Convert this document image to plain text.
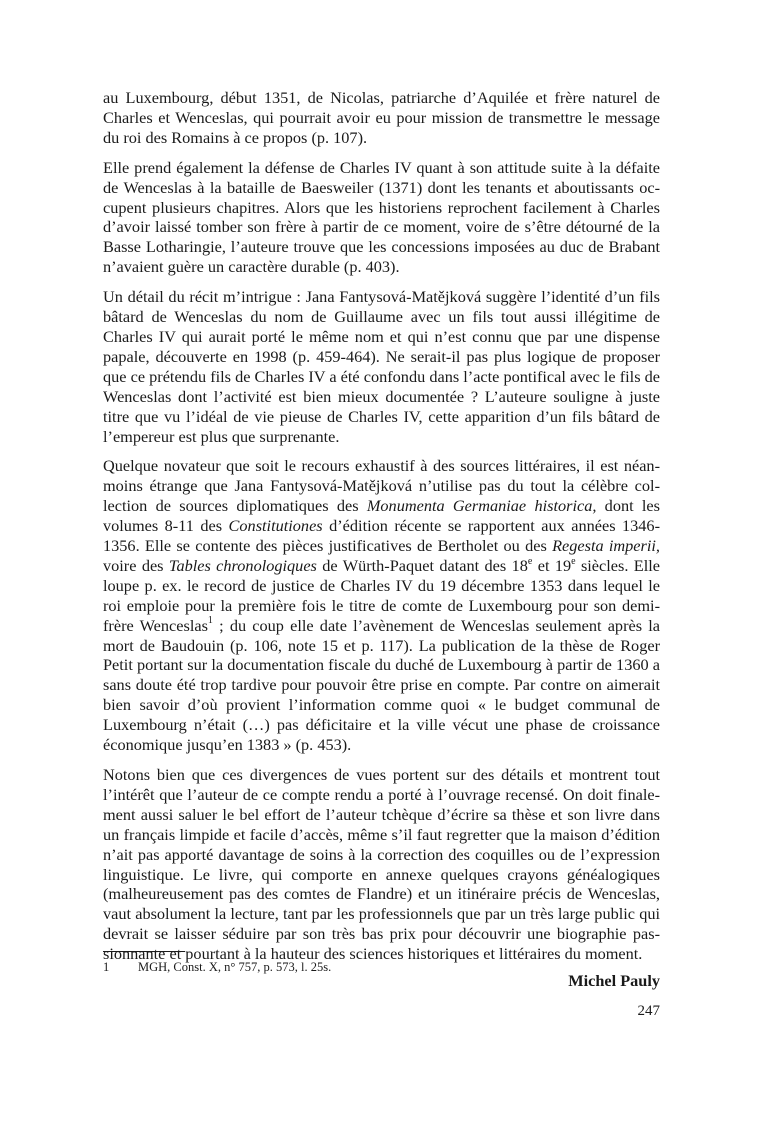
au Luxembourg, début 1351, de Nicolas, patriarche d’Aquilée et frère naturel de Charles et Wenceslas, qui pourrait avoir eu pour mission de transmettre le message du roi des Romains à ce propos (p. 107).

Elle prend également la défense de Charles IV quant à son attitude suite à la défaite de Wenceslas à la bataille de Baesweiler (1371) dont les tenants et aboutissants occupent plusieurs chapitres. Alors que les historiens reprochent facilement à Charles d’avoir laissé tomber son frère à partir de ce moment, voire de s’être détourné de la Basse Lotharingie, l’auteure trouve que les concessions imposées au duc de Brabant n’avaient guère un caractère durable (p. 403).

Un détail du récit m’intrigue : Jana Fantysová-Matějková suggère l’identité d’un fils bâtard de Wenceslas du nom de Guillaume avec un fils tout aussi illégitime de Charles IV qui aurait porté le même nom et qui n’est connu que par une dispense papale, découverte en 1998 (p. 459-464). Ne serait-il pas plus logique de proposer que ce prétendu fils de Charles IV a été confondu dans l’acte pontifical avec le fils de Wenceslas dont l’activité est bien mieux documentée ? L’auteure souligne à juste titre que vu l’idéal de vie pieuse de Charles IV, cette apparition d’un fils bâtard de l’empereur est plus que surprenante.

Quelque novateur que soit le recours exhaustif à des sources littéraires, il est néanmoins étrange que Jana Fantysová-Matějková n’utilise pas du tout la célèbre collection de sources diplomatiques des Monumenta Germaniae historica, dont les volumes 8-11 des Constitutiones d’édition récente se rapportent aux années 1346-1356. Elle se contente des pièces justificatives de Bertholet ou des Regesta imperii, voire des Tables chronologiques de Würth-Paquet datant des 18e et 19e siècles. Elle loupe p. ex. le record de justice de Charles IV du 19 décembre 1353 dans lequel le roi emploie pour la première fois le titre de comte de Luxembourg pour son demi-frère Wenceslas$^1$ ; du coup elle date l’avènement de Wenceslas seulement après la mort de Baudouin (p. 106, note 15 et p. 117). La publication de la thèse de Roger Petit portant sur la documentation fiscale du duché de Luxembourg à partir de 1360 a sans doute été trop tardive pour pouvoir être prise en compte. Par contre on aimerait bien savoir d’où provient l’information comme quoi « le budget communal de Luxembourg n’était (…) pas déficitaire et la ville vécut une phase de croissance économique jusqu’en 1383 » (p. 453).

Notons bien que ces divergences de vues portent sur des détails et montrent tout l’intérêt que l’auteur de ce compte rendu a porté à l’ouvrage recensé. On doit finalement aussi saluer le bel effort de l’auteur tchèque d’écrire sa thèse et son livre dans un français limpide et facile d’accès, même s’il faut regretter que la maison d’édition n’ait pas apporté davantage de soins à la correction des coquilles ou de l’expression linguistique. Le livre, qui comporte en annexe quelques crayons généalogiques (malheureusement pas des comtes de Flandre) et un itinéraire précis de Wenceslas, vaut absolument la lecture, tant par les professionnels que par un très large public qui devrait se laisser séduire par son très bas prix pour découvrir une biographie passionnante et pourtant à la hauteur des sciences historiques et littéraires du moment.

Michel Pauly
1 MGH, Const. X, n° 757, p. 573, l. 25s.
247
